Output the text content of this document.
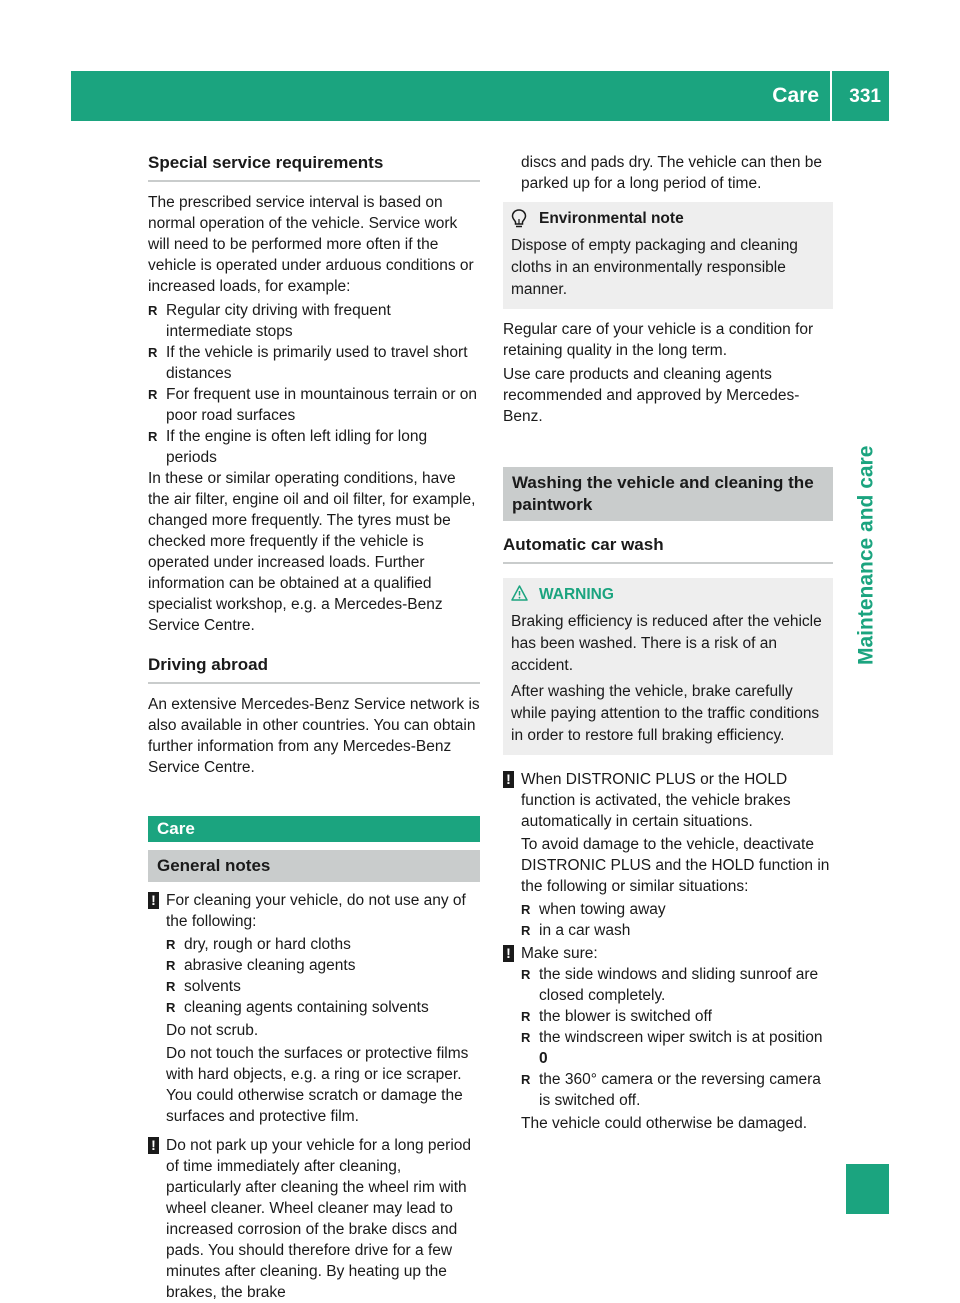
Care 331
Maintenance and care
Special service requirements

The prescribed service interval is based on normal operation of the vehicle. Service work will need to be performed more often if the vehicle is operated under arduous conditions or increased loads, for example:

R Regular city driving with frequent intermediate stops
R If the vehicle is primarily used to travel short distances
R For frequent use in mountainous terrain or on poor road surfaces
R If the engine is often left idling for long periods

In these or similar operating conditions, have the air filter, engine oil and oil filter, for example, changed more frequently. The tyres must be checked more frequently if the vehicle is operated under increased loads. Further information can be obtained at a qualified specialist workshop, e.g. a Mercedes-Benz Service Centre.

Driving abroad

An extensive Mercedes-Benz Service network is also available in other countries. You can obtain further information from any Mercedes-Benz Service Centre.

Care
General notes
! For cleaning your vehicle, do not use any of the following:

R dry, rough or hard cloths
R abrasive cleaning agents
R solvents
R cleaning agents containing solvents

Do not scrub.

Do not touch the surfaces or protective films with hard objects, e.g. a ring or ice scraper. You could otherwise scratch or damage the surfaces and protective film.

! Do not park up your vehicle for a long period of time immediately after cleaning, particularly after cleaning the wheel rim with wheel cleaner. Wheel cleaner may lead to increased corrosion of the brake discs and pads. You should therefore drive for a few minutes after cleaning. By heating up the brakes, the brake

discs and pads dry. The vehicle can then be parked up for a long period of time.

Environmental note

Dispose of empty packaging and cleaning cloths in an environmentally responsible manner.

Regular care of your vehicle is a condition for retaining quality in the long term.

Use care products and cleaning agents recommended and approved by Mercedes-Benz.

Washing the vehicle and cleaning the paintwork
Automatic car wash
WARNING

Braking efficiency is reduced after the vehicle has been washed. There is a risk of an accident.

After washing the vehicle, brake carefully while paying attention to the traffic conditions in order to restore full braking efficiency.

! When DISTRONIC PLUS or the HOLD function is activated, the vehicle brakes automatically in certain situations.

To avoid damage to the vehicle, deactivate DISTRONIC PLUS and the HOLD function in the following or similar situations:

R when towing away
R in a car wash
! Make sure:

R the side windows and sliding sunroof are closed completely.
R the blower is switched off
R the windscreen wiper switch is at position
0
R the 360° camera or the reversing camera is switched off.

The vehicle could otherwise be damaged.
